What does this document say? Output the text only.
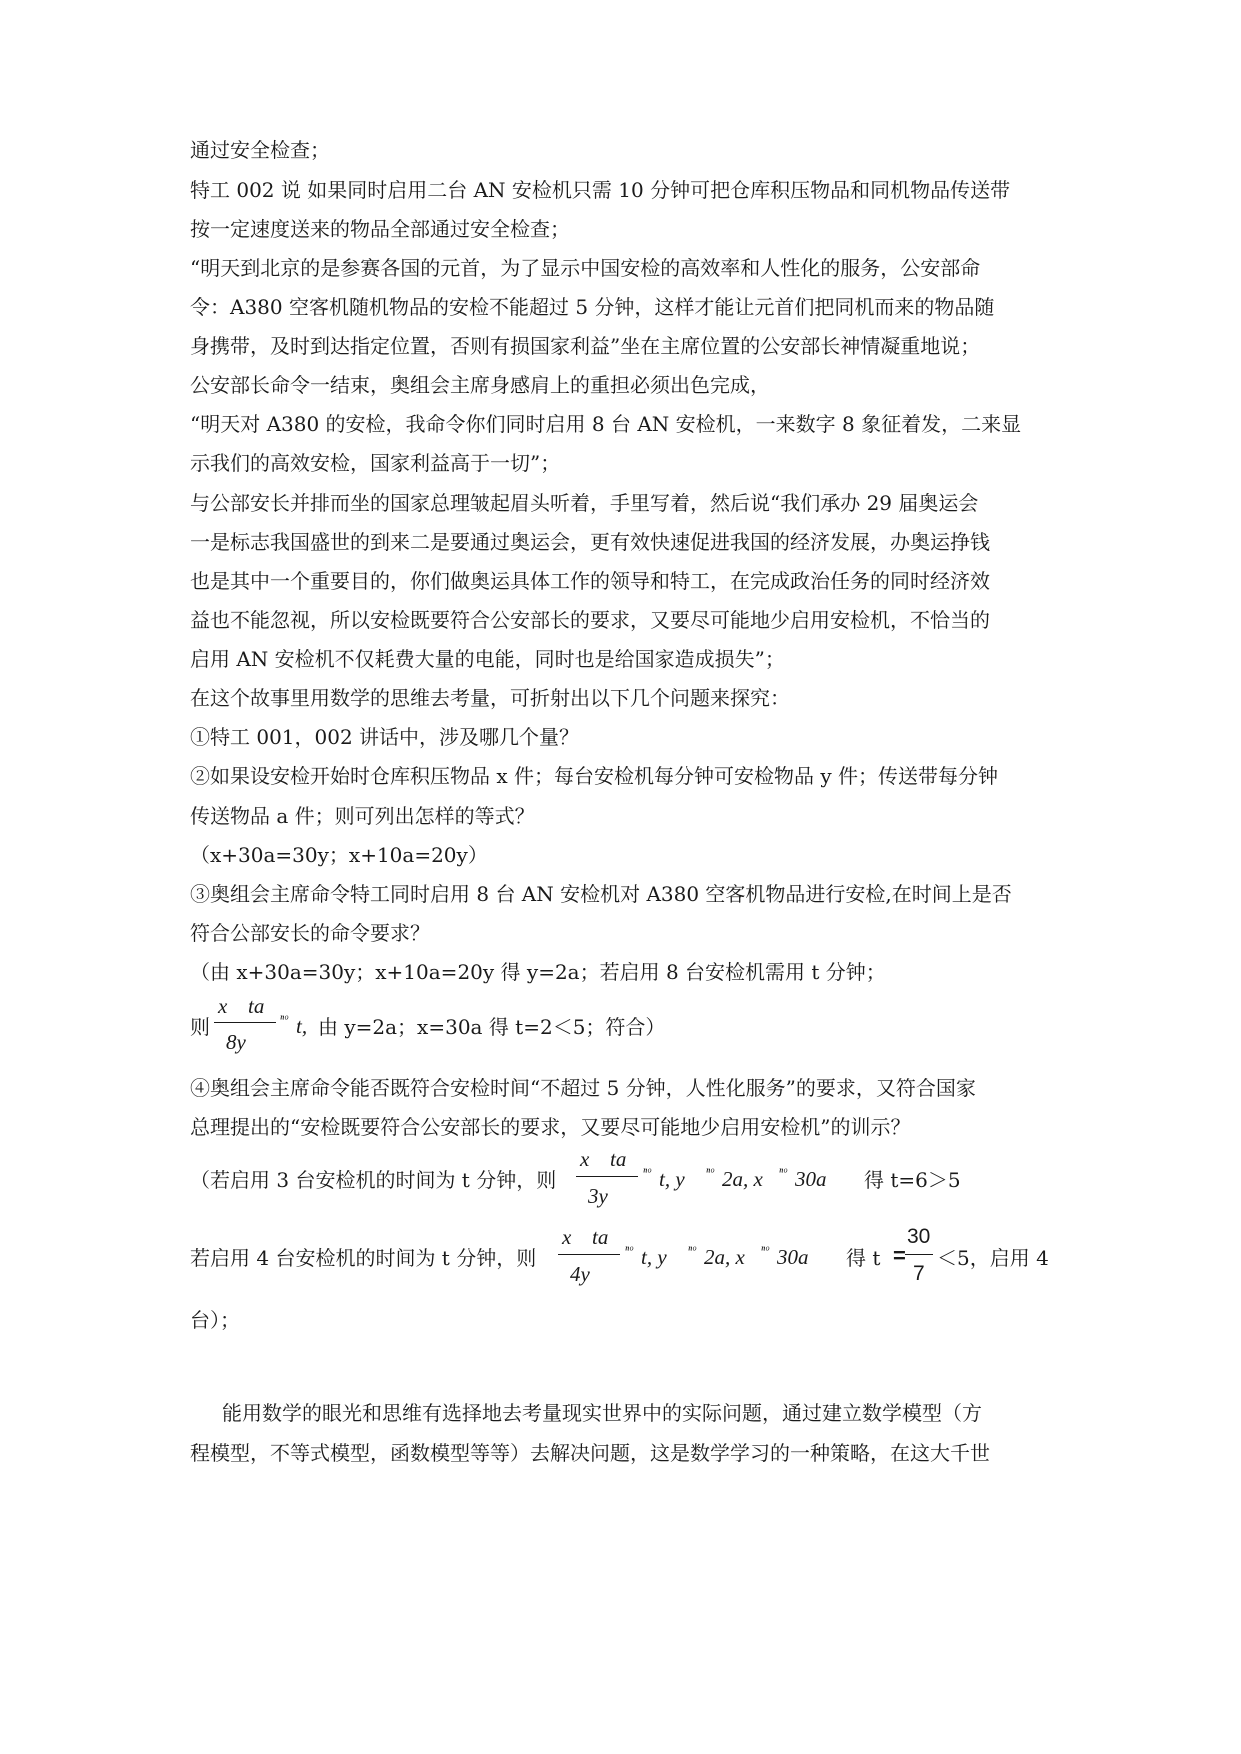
通过安全检查；
特工 002 说 如果同时启用二台 AN 安检机只需 10 分钟可把仓库积压物品和同机物品传送带
按一定速度送来的物品全部通过安全检查；
“明天到北京的是参赛各国的元首，为了显示中国安检的高效率和人性化的服务，公安部命
令：A380 空客机随机物品的安检不能超过 5 分钟，这样才能让元首们把同机而来的物品随
身携带，及时到达指定位置，否则有损国家利益”坐在主席位置的公安部长神情凝重地说；
公安部长命令一结束，奥组会主席身感肩上的重担必须出色完成，
“明天对 A380 的安检，我命令你们同时启用 8 台 AN 安检机，一来数字 8 象征着发，二来显
示我们的高效安检，国家利益高于一切”；
与公部安长并排而坐的国家总理皱起眉头听着，手里写着，然后说“我们承办 29 届奥运会
一是标志我国盛世的到来二是要通过奥运会，更有效快速促进我国的经济发展，办奥运挣钱
也是其中一个重要目的，你们做奥运具体工作的领导和特工，在完成政治任务的同时经济效
益也不能忽视，所以安检既要符合公安部长的要求，又要尽可能地少启用安检机，不恰当的
启用 AN 安检机不仅耗费大量的电能，同时也是给国家造成损失”；
在这个故事里用数学的思维去考量，可折射出以下几个问题来探究：
①特工 001，002 讲话中，涉及哪几个量？
②如果设安检开始时仓库积压物品 x 件；每台安检机每分钟可安检物品 y 件；传送带每分钟
传送物品 a 件；则可列出怎样的等式？
（x+30a=30y；x+10a=20y）
③奥组会主席命令特工同时启用 8 台 AN 安检机对 A380 空客机物品进行安检,在时间上是否
符合公部安长的命令要求？
（由 x+30a=30y；x+10a=20y 得 y=2a；若启用 8 台安检机需用 t 分钟；
则
x ta
8y
ⁿᵒ t, 由 y=2a；x=30a 得 t=2＜5；符合）
④奥组会主席命令能否既符合安检时间“不超过 5 分钟，人性化服务”的要求，又符合国家
总理提出的“安检既要符合公安部长的要求，又要尽可能地少启用安检机”的训示？
（若启用 3 台安检机的时间为 t 分钟，则
x ta
3y
ⁿᵒ t, y ⁿᵒ 2a, x ⁿᵒ 30a 得 t=6＞5
若启用 4 台安检机的时间为 t 分钟，则
x ta
4y
ⁿᵒ t, y ⁿᵒ 2a, x ⁿᵒ 30a 得 t =
30
7
＜5，启用 4
台）；
能用数学的眼光和思维有选择地去考量现实世界中的实际问题，通过建立数学模型（方
程模型，不等式模型，函数模型等等）去解决问题，这是数学学习的一种策略，在这大千世
